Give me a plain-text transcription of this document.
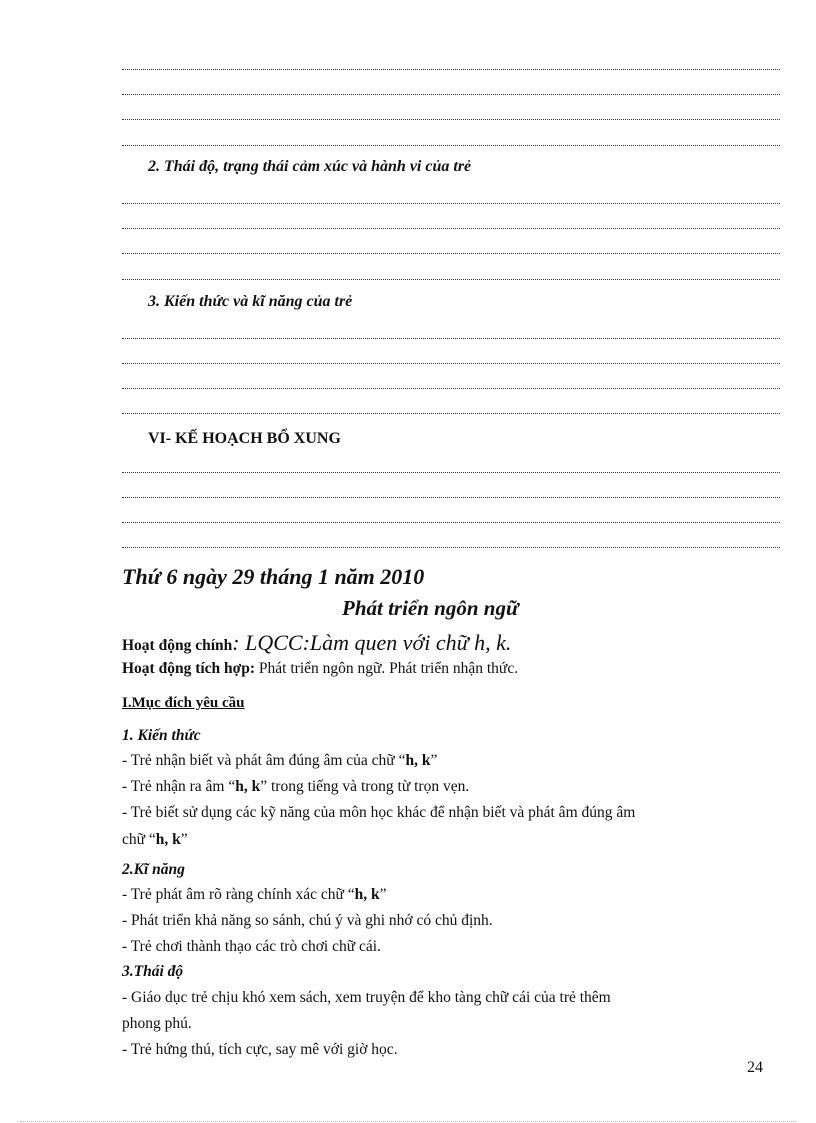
2. Thái độ, trạng thái cảm xúc và hành vi của trẻ
3. Kiến thức và kĩ năng của trẻ
VI- KẾ HOẠCH BỔ XUNG
Thứ 6 ngày 29 tháng 1 năm 2010
Phát triển ngôn ngữ
Hoạt động chính: LQCC:Làm quen với chữ h, k.
Hoạt động tích hợp: Phát triển ngôn ngữ. Phát triển nhận thức.
I.Mục đích yêu cầu
1. Kiến thức
- Trẻ nhận biết và phát âm đúng âm của chữ “h, k”
- Trẻ nhận ra âm “h, k” trong tiếng và trong từ trọn vẹn.
- Trẻ biết sử dụng các kỹ năng của môn học khác để nhận biết và phát âm đúng âm
chữ “h, k”
2.Kĩ năng
- Trẻ phát âm rõ ràng chính xác chữ “h, k”
- Phát triển khả năng so sánh, chú ý và ghi nhớ có chủ định.
- Trẻ chơi thành thạo các trò chơi chữ cái.
3.Thái độ
- Giáo dục trẻ chịu khó xem sách, xem truyện để kho tàng chữ cái của trẻ thêm
phong phú.
- Trẻ hứng thú, tích cực, say mê với giờ học.
24
